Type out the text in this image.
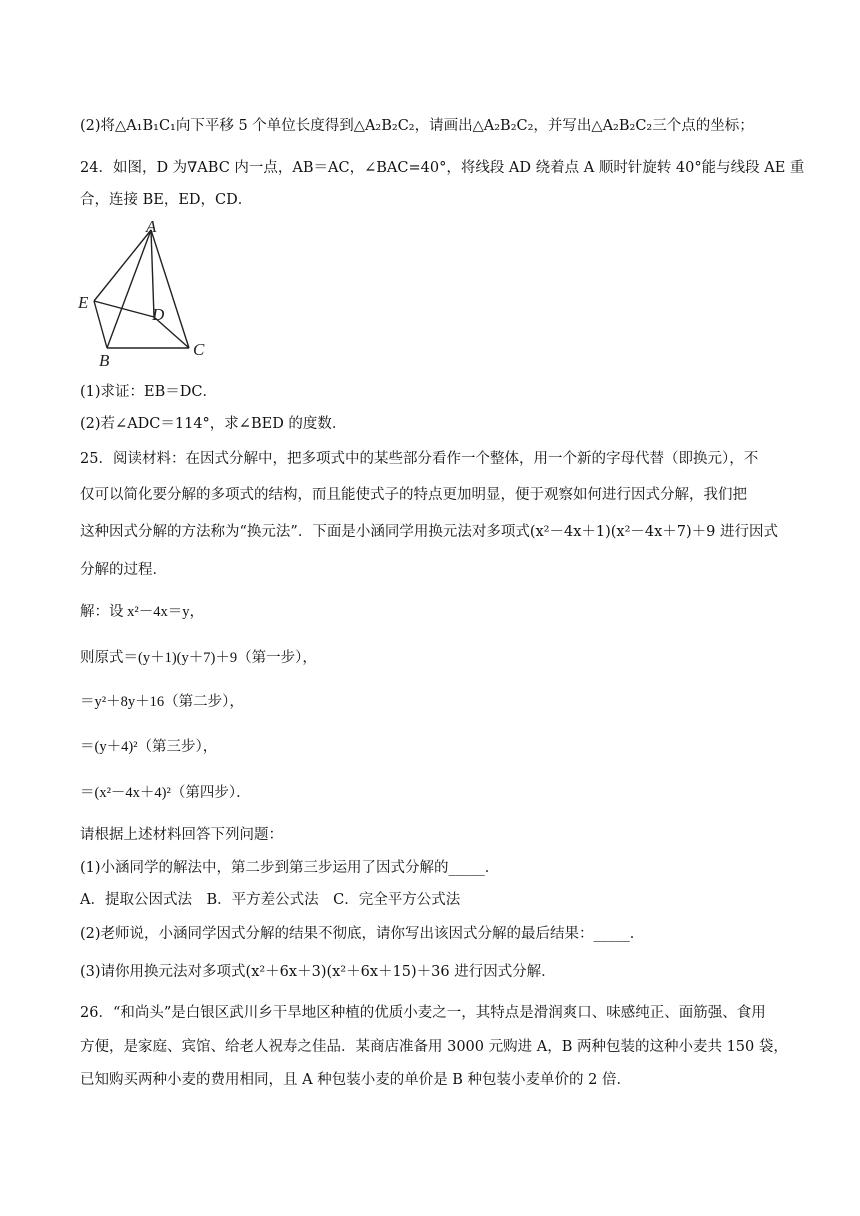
(2)将△A₁B₁C₁向下平移 5 个单位长度得到△A₂B₂C₂，请画出△A₂B₂C₂，并写出△A₂B₂C₂三个点的坐标；
24．如图，D 为∇ABC 内一点，AB＝AC，∠BAC=40°，将线段 AD 绕着点 A 顺时针旋转 40°能与线段 AE 重
合，连接 BE，ED，CD．
A
E
D
B
C
(1)求证：EB＝DC．
(2)若∠ADC＝114°，求∠BED 的度数．
25．阅读材料：在因式分解中，把多项式中的某些部分看作一个整体，用一个新的字母代替（即换元），不
仅可以简化要分解的多项式的结构，而且能使式子的特点更加明显，便于观察如何进行因式分解，我们把
这种因式分解的方法称为“换元法”．下面是小涵同学用换元法对多项式(x²－4x＋1)(x²－4x＋7)＋9 进行因式
分解的过程．
解：设 x²－4x＝y，
则原式＝(y＋1)(y＋7)＋9（第一步），
＝y²＋8y＋16（第二步），
＝(y＋4)²（第三步），
＝(x²－4x＋4)²（第四步）．
请根据上述材料回答下列问题：
(1)小涵同学的解法中，第二步到第三步运用了因式分解的_____．
A．提取公因式法　B．平方差公式法　C．完全平方公式法
(2)老师说，小涵同学因式分解的结果不彻底，请你写出该因式分解的最后结果：_____．
(3)请你用换元法对多项式(x²＋6x＋3)(x²＋6x＋15)＋36 进行因式分解．
26．“和尚头”是白银区武川乡干旱地区种植的优质小麦之一，其特点是滑润爽口、味感纯正、面筋强、食用
方便，是家庭、宾馆、给老人祝寿之佳品．某商店准备用 3000 元购进 A，B 两种包装的这种小麦共 150 袋，
已知购买两种小麦的费用相同，且 A 种包装小麦的单价是 B 种包装小麦单价的 2 倍．
